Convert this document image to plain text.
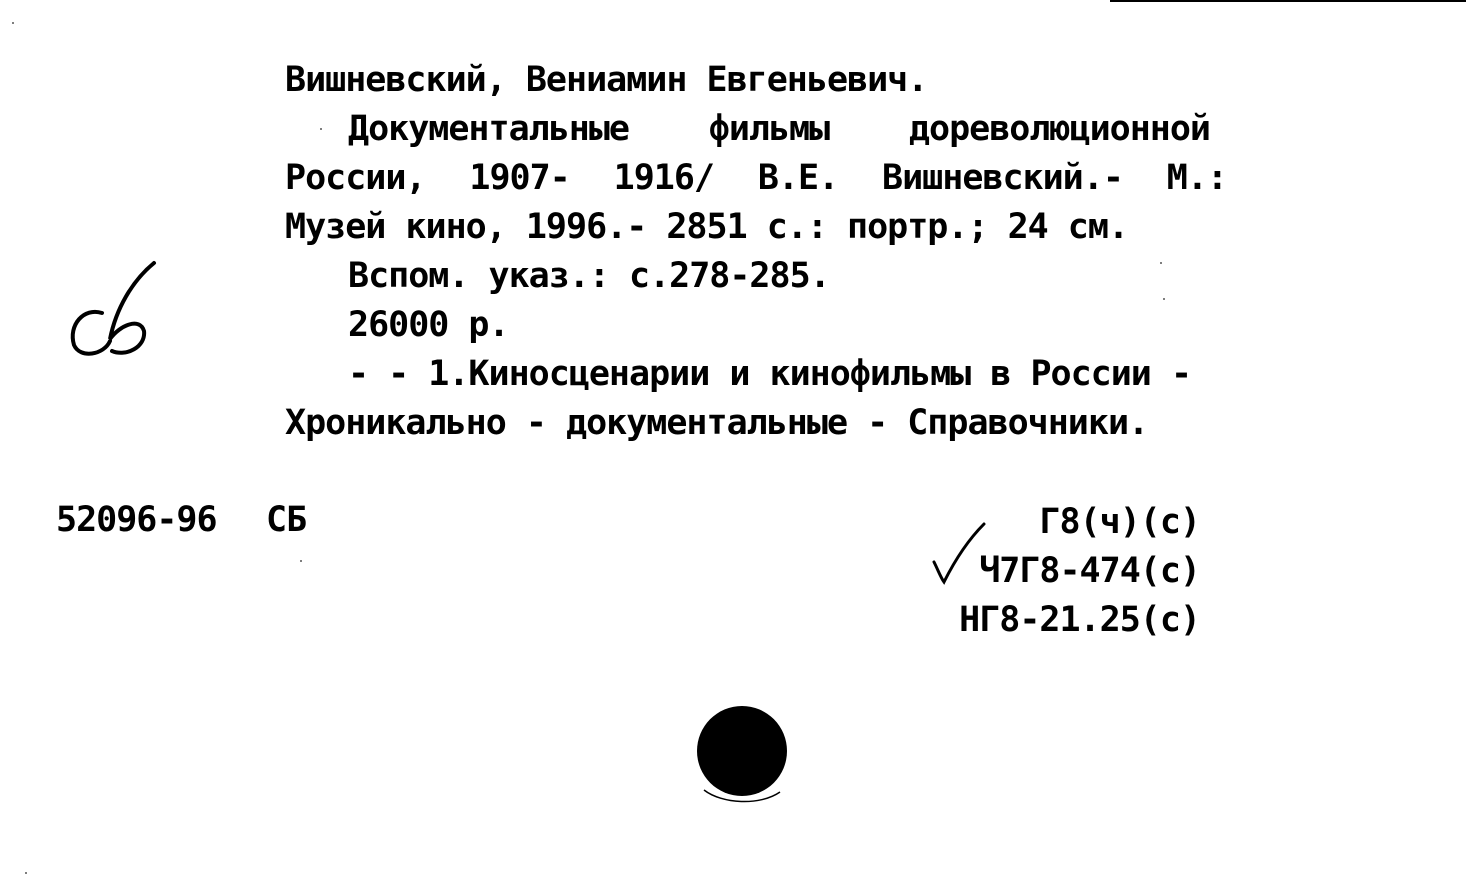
Вишневский, Вениамин Евгеньевич.
Документальные фильмы дореволюционной
России, 1907- 1916/ В.Е. Вишневский.- М.:
Музей кино, 1996.- 2851 с.: портр.; 24 см.
Вспом. указ.: с.278-285.
26000 р.
- - 1.Киносценарии и кинофильмы в России -
Хроникально - документальные - Справочники.
52096-96 СБ	Г8(ч)(с)
Ч7Г8-474(с)
НГ8-21.25(с)
